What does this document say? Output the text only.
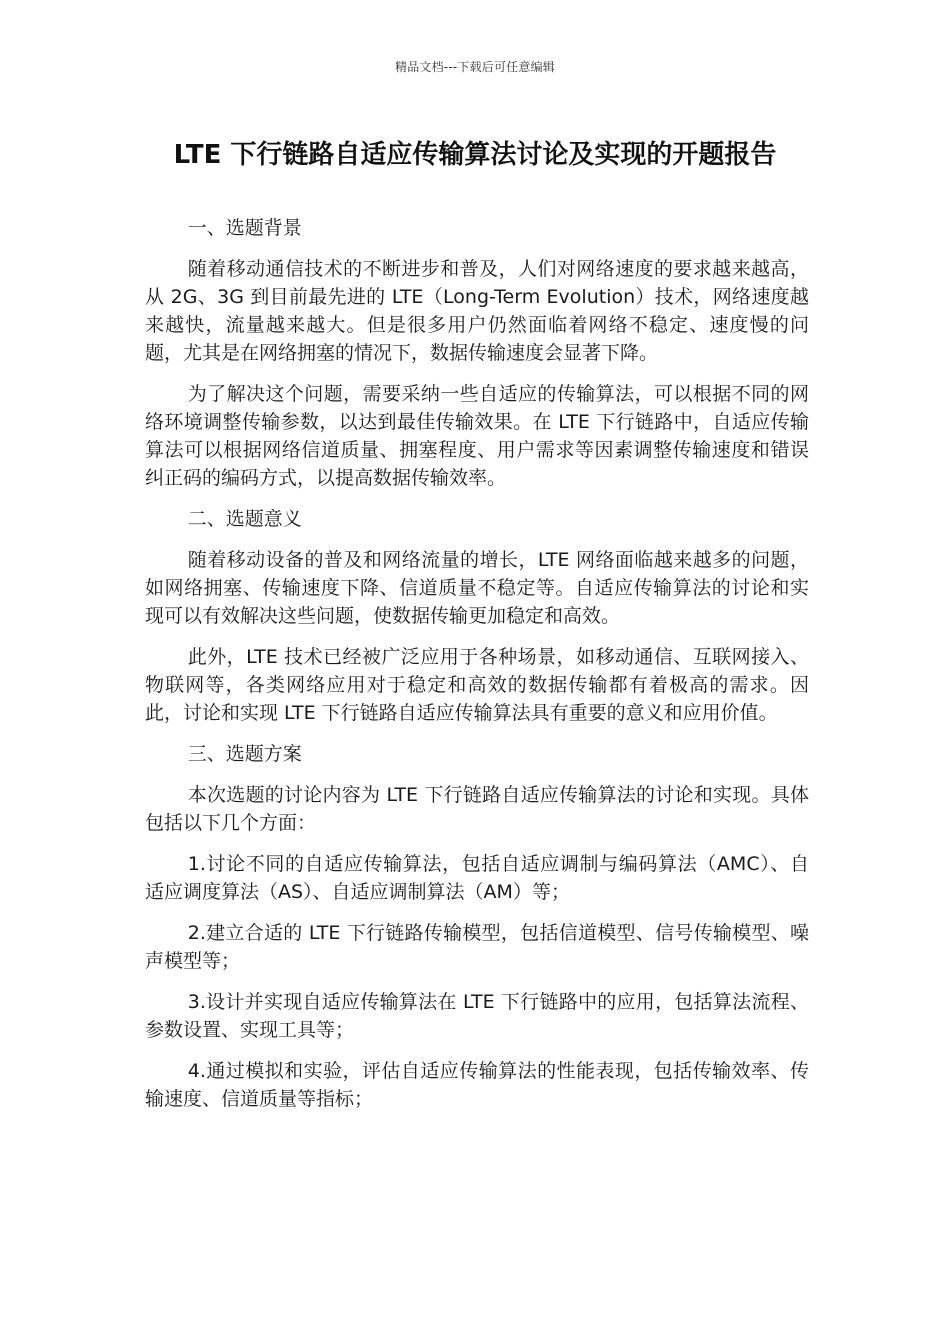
精品文档---下载后可任意编辑
LTE 下行链路自适应传输算法讨论及实现的开题报告

一、选题背景

随着移动通信技术的不断进步和普及，人们对网络速度的要求越来越高，从 2G、3G 到目前最先进的 LTE（Long-Term Evolution）技术，网络速度越来越快，流量越来越大。但是很多用户仍然面临着网络不稳定、速度慢的问题，尤其是在网络拥塞的情况下，数据传输速度会显著下降。

为了解决这个问题，需要采纳一些自适应的传输算法，可以根据不同的网络环境调整传输参数，以达到最佳传输效果。在 LTE 下行链路中，自适应传输算法可以根据网络信道质量、拥塞程度、用户需求等因素调整传输速度和错误纠正码的编码方式，以提高数据传输效率。

二、选题意义

随着移动设备的普及和网络流量的增长，LTE 网络面临越来越多的问题，如网络拥塞、传输速度下降、信道质量不稳定等。自适应传输算法的讨论和实现可以有效解决这些问题，使数据传输更加稳定和高效。

此外，LTE 技术已经被广泛应用于各种场景，如移动通信、互联网接入、物联网等，各类网络应用对于稳定和高效的数据传输都有着极高的需求。因此，讨论和实现 LTE 下行链路自适应传输算法具有重要的意义和应用价值。

三、选题方案

本次选题的讨论内容为 LTE 下行链路自适应传输算法的讨论和实现。具体包括以下几个方面：

1.讨论不同的自适应传输算法，包括自适应调制与编码算法（AMC）、自适应调度算法（AS）、自适应调制算法（AM）等；

2.建立合适的 LTE 下行链路传输模型，包括信道模型、信号传输模型、噪声模型等；

3.设计并实现自适应传输算法在 LTE 下行链路中的应用，包括算法流程、参数设置、实现工具等；

4.通过模拟和实验，评估自适应传输算法的性能表现，包括传输效率、传输速度、信道质量等指标；
